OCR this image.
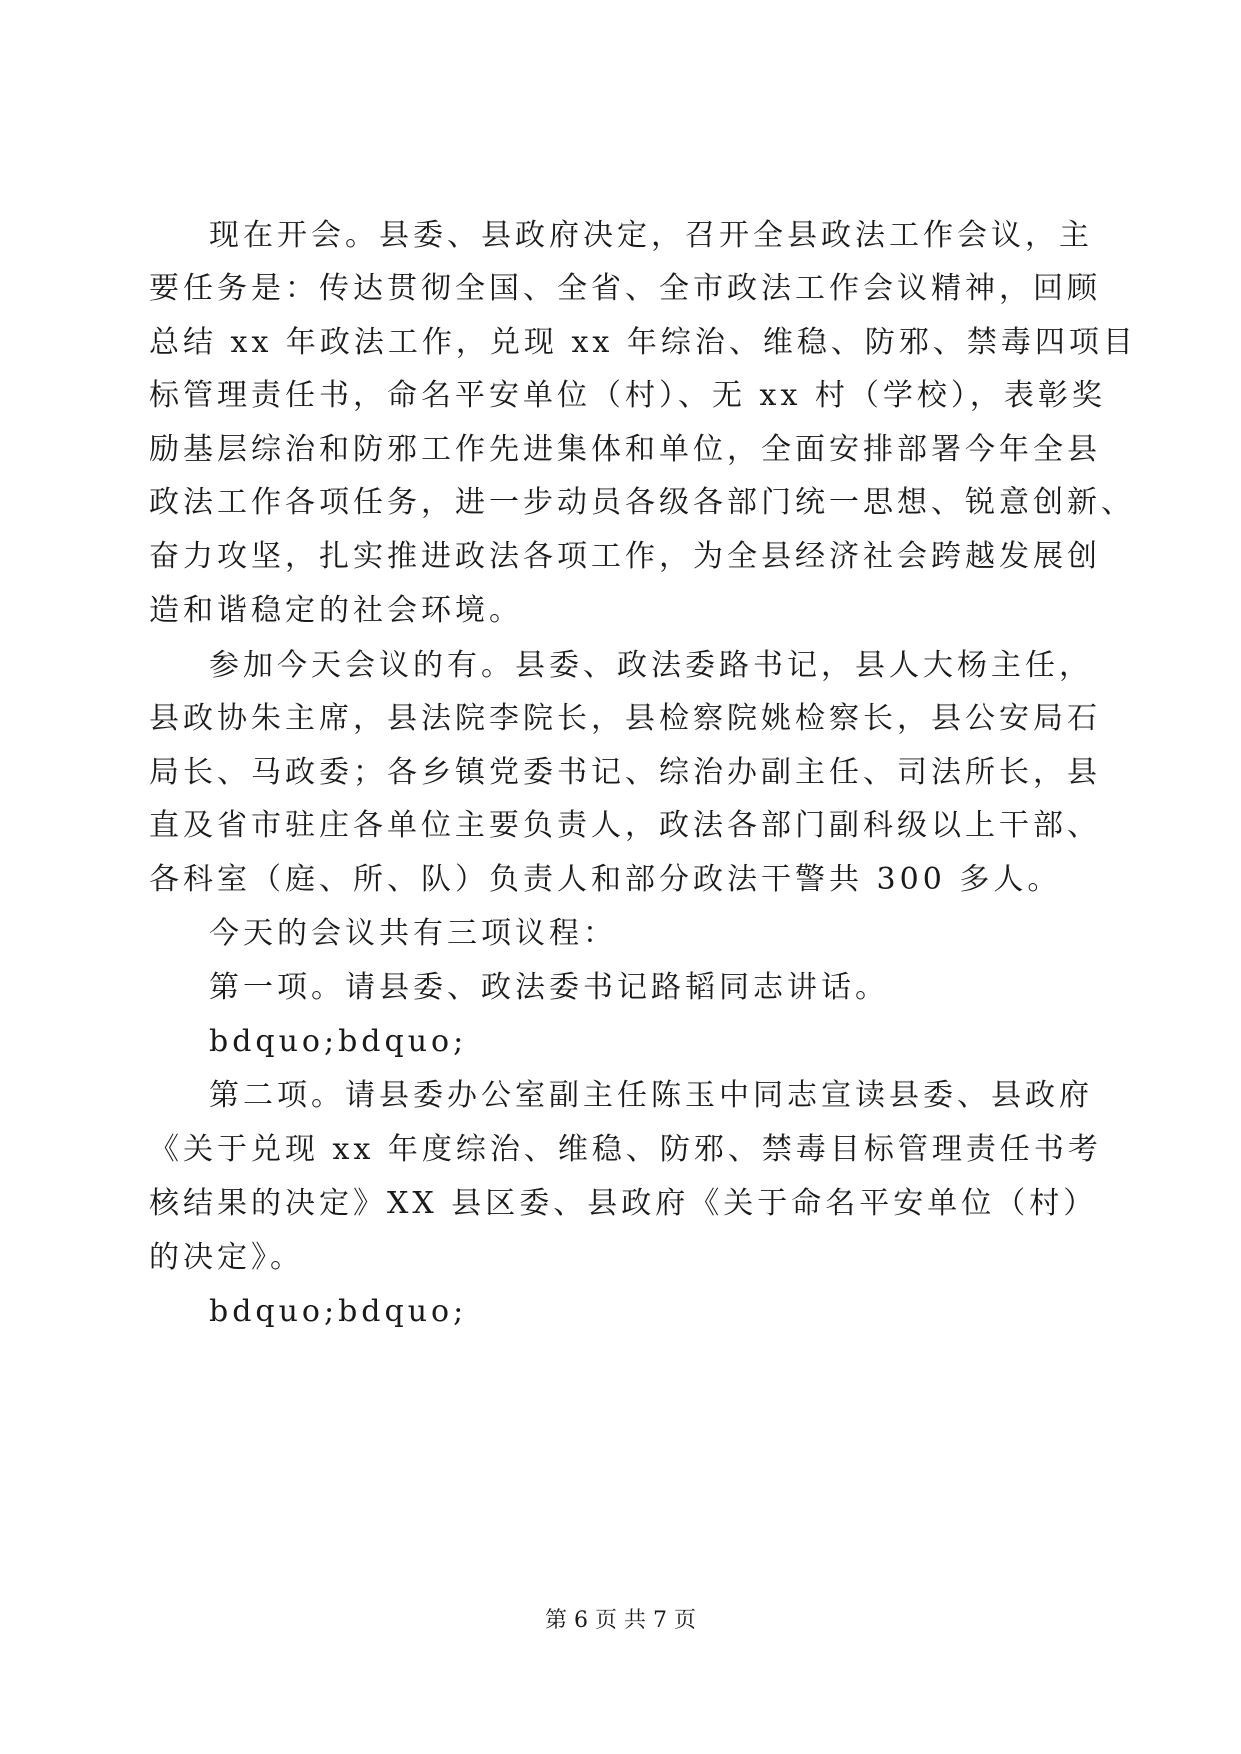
现在开会。县委、县政府决定，召开全县政法工作会议，主
要任务是：传达贯彻全国、全省、全市政法工作会议精神，回顾
总结 xx 年政法工作，兑现 xx 年综治、维稳、防邪、禁毒四项目
标管理责任书，命名平安单位（村）、无 xx 村（学校），表彰奖
励基层综治和防邪工作先进集体和单位，全面安排部署今年全县
政法工作各项任务，进一步动员各级各部门统一思想、锐意创新、
奋力攻坚，扎实推进政法各项工作，为全县经济社会跨越发展创
造和谐稳定的社会环境。
参加今天会议的有。县委、政法委路书记，县人大杨主任，
县政协朱主席，县法院李院长，县检察院姚检察长，县公安局石
局长、马政委；各乡镇党委书记、综治办副主任、司法所长，县
直及省市驻庄各单位主要负责人，政法各部门副科级以上干部、
各科室（庭、所、队）负责人和部分政法干警共 300 多人。
今天的会议共有三项议程：
第一项。请县委、政法委书记路韬同志讲话。
bdquo;bdquo;
第二项。请县委办公室副主任陈玉中同志宣读县委、县政府
《关于兑现 xx 年度综治、维稳、防邪、禁毒目标管理责任书考
核结果的决定》XX 县区委、县政府《关于命名平安单位（村）
的决定》。
bdquo;bdquo;
第 6 页 共 7 页
